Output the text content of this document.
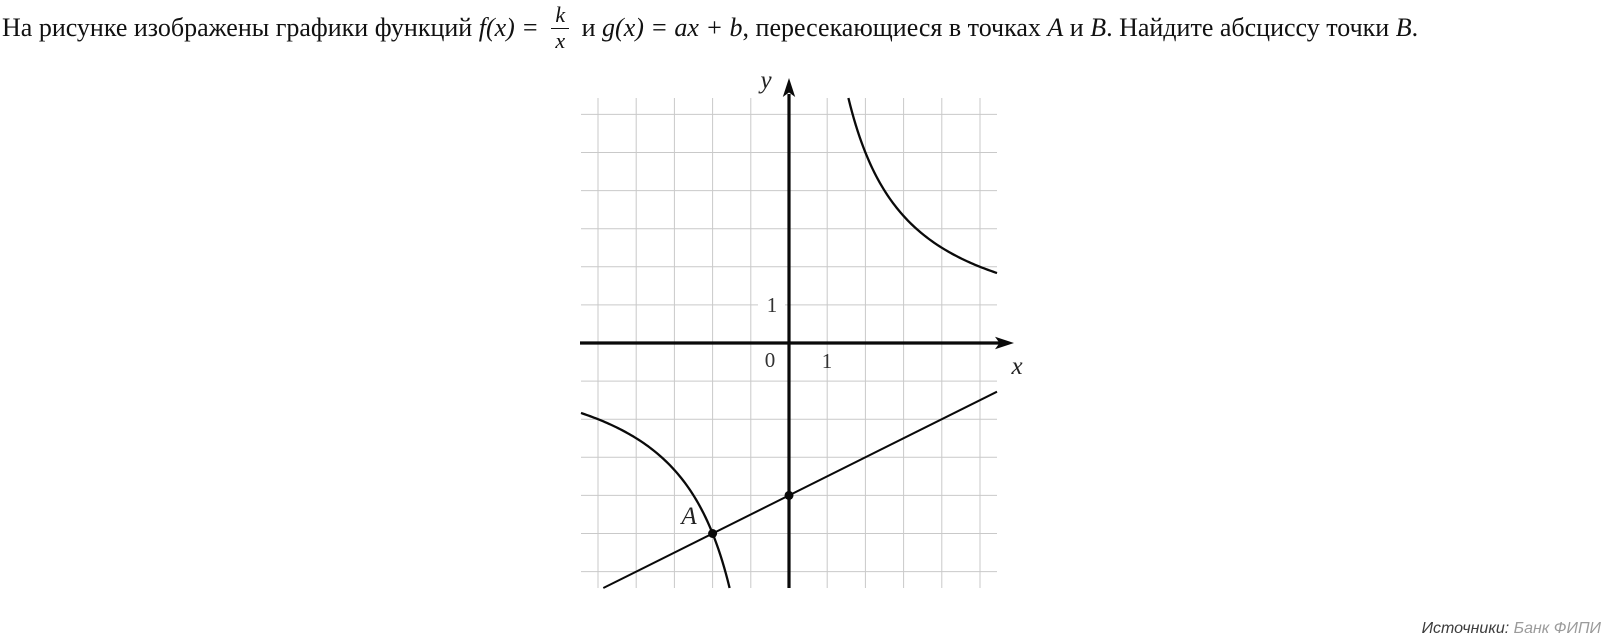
На рисунке изображены графики функций $f(x) = \frac{k}{x}$ и g(x) = ax + b , пересекающиеся в точках A и B . Найдите абсциссу точки B .
1
0 1
y
x
A

Источники: Банк ФИПИ
